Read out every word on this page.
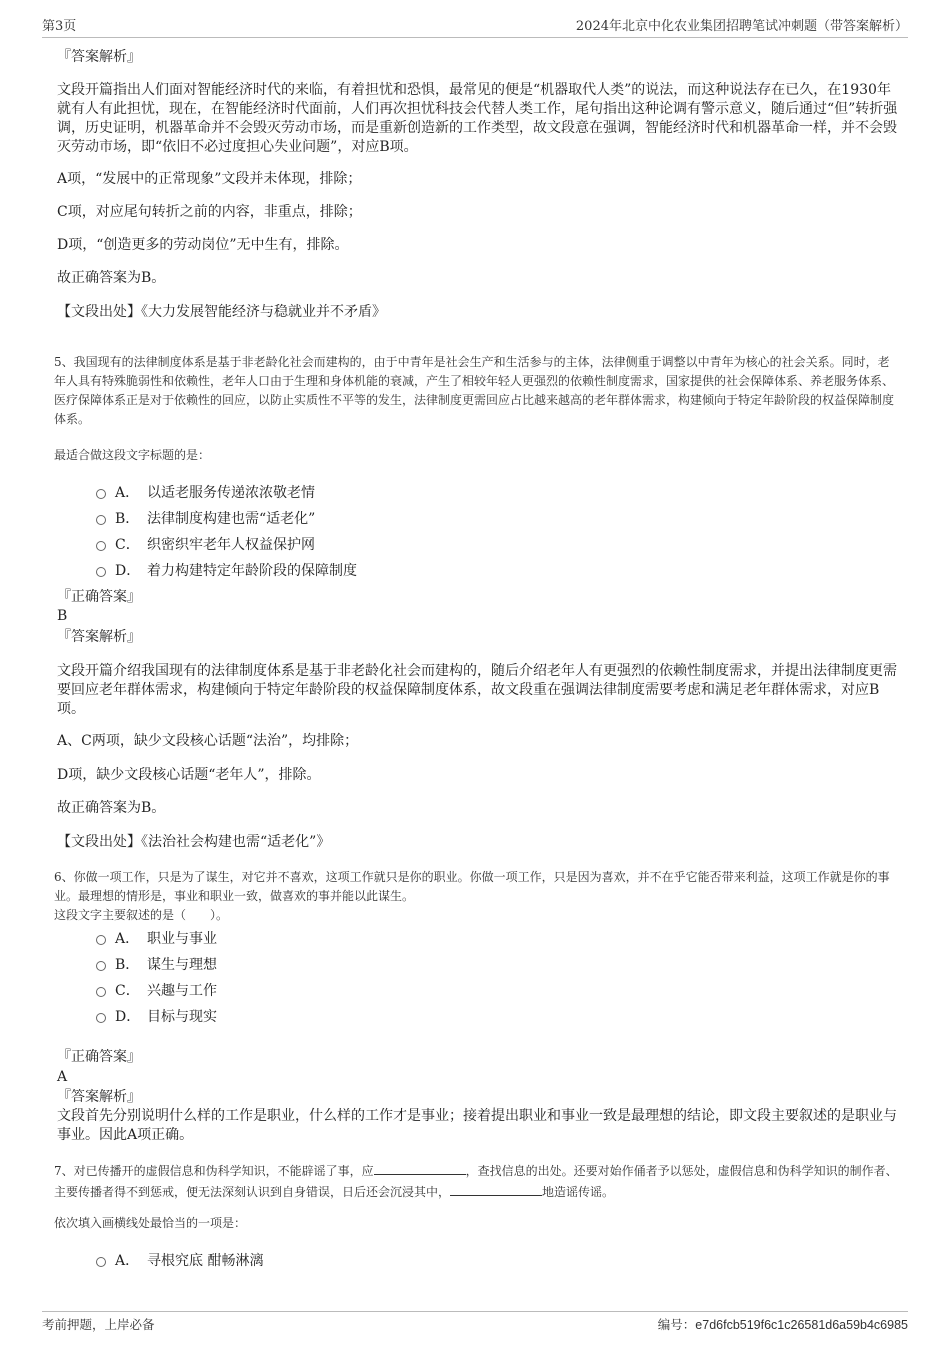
第3页	2024年北京中化农业集团招聘笔试冲刺题（带答案解析）
『答案解析』
文段开篇指出人们面对智能经济时代的来临，有着担忧和恐惧，最常见的便是“机器取代人类”的说法，而这种说法存在已久，在1930年就有人有此担忧，现在，在智能经济时代面前，人们再次担忧科技会代替人类工作，尾句指出这种论调有警示意义，随后通过“但”转折强调，历史证明，机器革命并不会毁灭劳动市场，而是重新创造新的工作类型，故文段意在强调，智能经济时代和机器革命一样，并不会毁灭劳动市场，即“依旧不必过度担心失业问题”，对应B项。
A项，“发展中的正常现象”文段并未体现，排除；
C项，对应尾句转折之前的内容，非重点，排除；
D项，“创造更多的劳动岗位”无中生有，排除。
故正确答案为B。
【文段出处】《大力发展智能经济与稳就业并不矛盾》
5、我国现有的法律制度体系是基于非老龄化社会而建构的，由于中青年是社会生产和生活参与的主体，法律侧重于调整以中青年为核心的社会关系。同时，老年人具有特殊脆弱性和依赖性，老年人口由于生理和身体机能的衰减，产生了相较年轻人更强烈的依赖性制度需求，国家提供的社会保障体系、养老服务体系、医疗保障体系正是对于依赖性的回应，以防止实质性不平等的发生，法律制度更需回应占比越来越高的老年群体需求，构建倾向于特定年龄阶段的权益保障制度体系。
最适合做这段文字标题的是：
A． 以适老服务传递浓浓敬老情
B． 法律制度构建也需“适老化”
C． 织密织牢老年人权益保护网
D． 着力构建特定年龄阶段的保障制度
『正确答案』
B
『答案解析』
文段开篇介绍我国现有的法律制度体系是基于非老龄化社会而建构的，随后介绍老年人有更强烈的依赖性制度需求，并提出法律制度更需要回应老年群体需求，构建倾向于特定年龄阶段的权益保障制度体系，故文段重在强调法律制度需要考虑和满足老年群体需求，对应B项。
A、C两项，缺少文段核心话题“法治”，均排除；
D项，缺少文段核心话题“老年人”，排除。
故正确答案为B。
【文段出处】《法治社会构建也需“适老化”》
6、你做一项工作，只是为了谋生，对它并不喜欢，这项工作就只是你的职业。你做一项工作，只是因为喜欢，并不在乎它能否带来利益，这项工作就是你的事业。最理想的情形是，事业和职业一致，做喜欢的事并能以此谋生。
这段文字主要叙述的是（　　）。
A． 职业与事业
B． 谋生与理想
C． 兴趣与工作
D． 目标与现实
『正确答案』
A
『答案解析』
文段首先分别说明什么样的工作是职业，什么样的工作才是事业；接着提出职业和事业一致是最理想的结论，即文段主要叙述的是职业与事业。因此A项正确。
7、对已传播开的虚假信息和伪科学知识，不能辟谣了事，应	，查找信息的出处。还要对始作俑者予以惩处，虚假信息和伪科学知识的制作者、主要传播者得不到惩戒，便无法深刻认识到自身错误，日后还会沉浸其中，	地造谣传谣。
依次填入画横线处最恰当的一项是：
A． 寻根究底 酣畅淋漓
考前押题，上岸必备	编号：e7d6fcb519f6c1c26581d6a59b4c6985
